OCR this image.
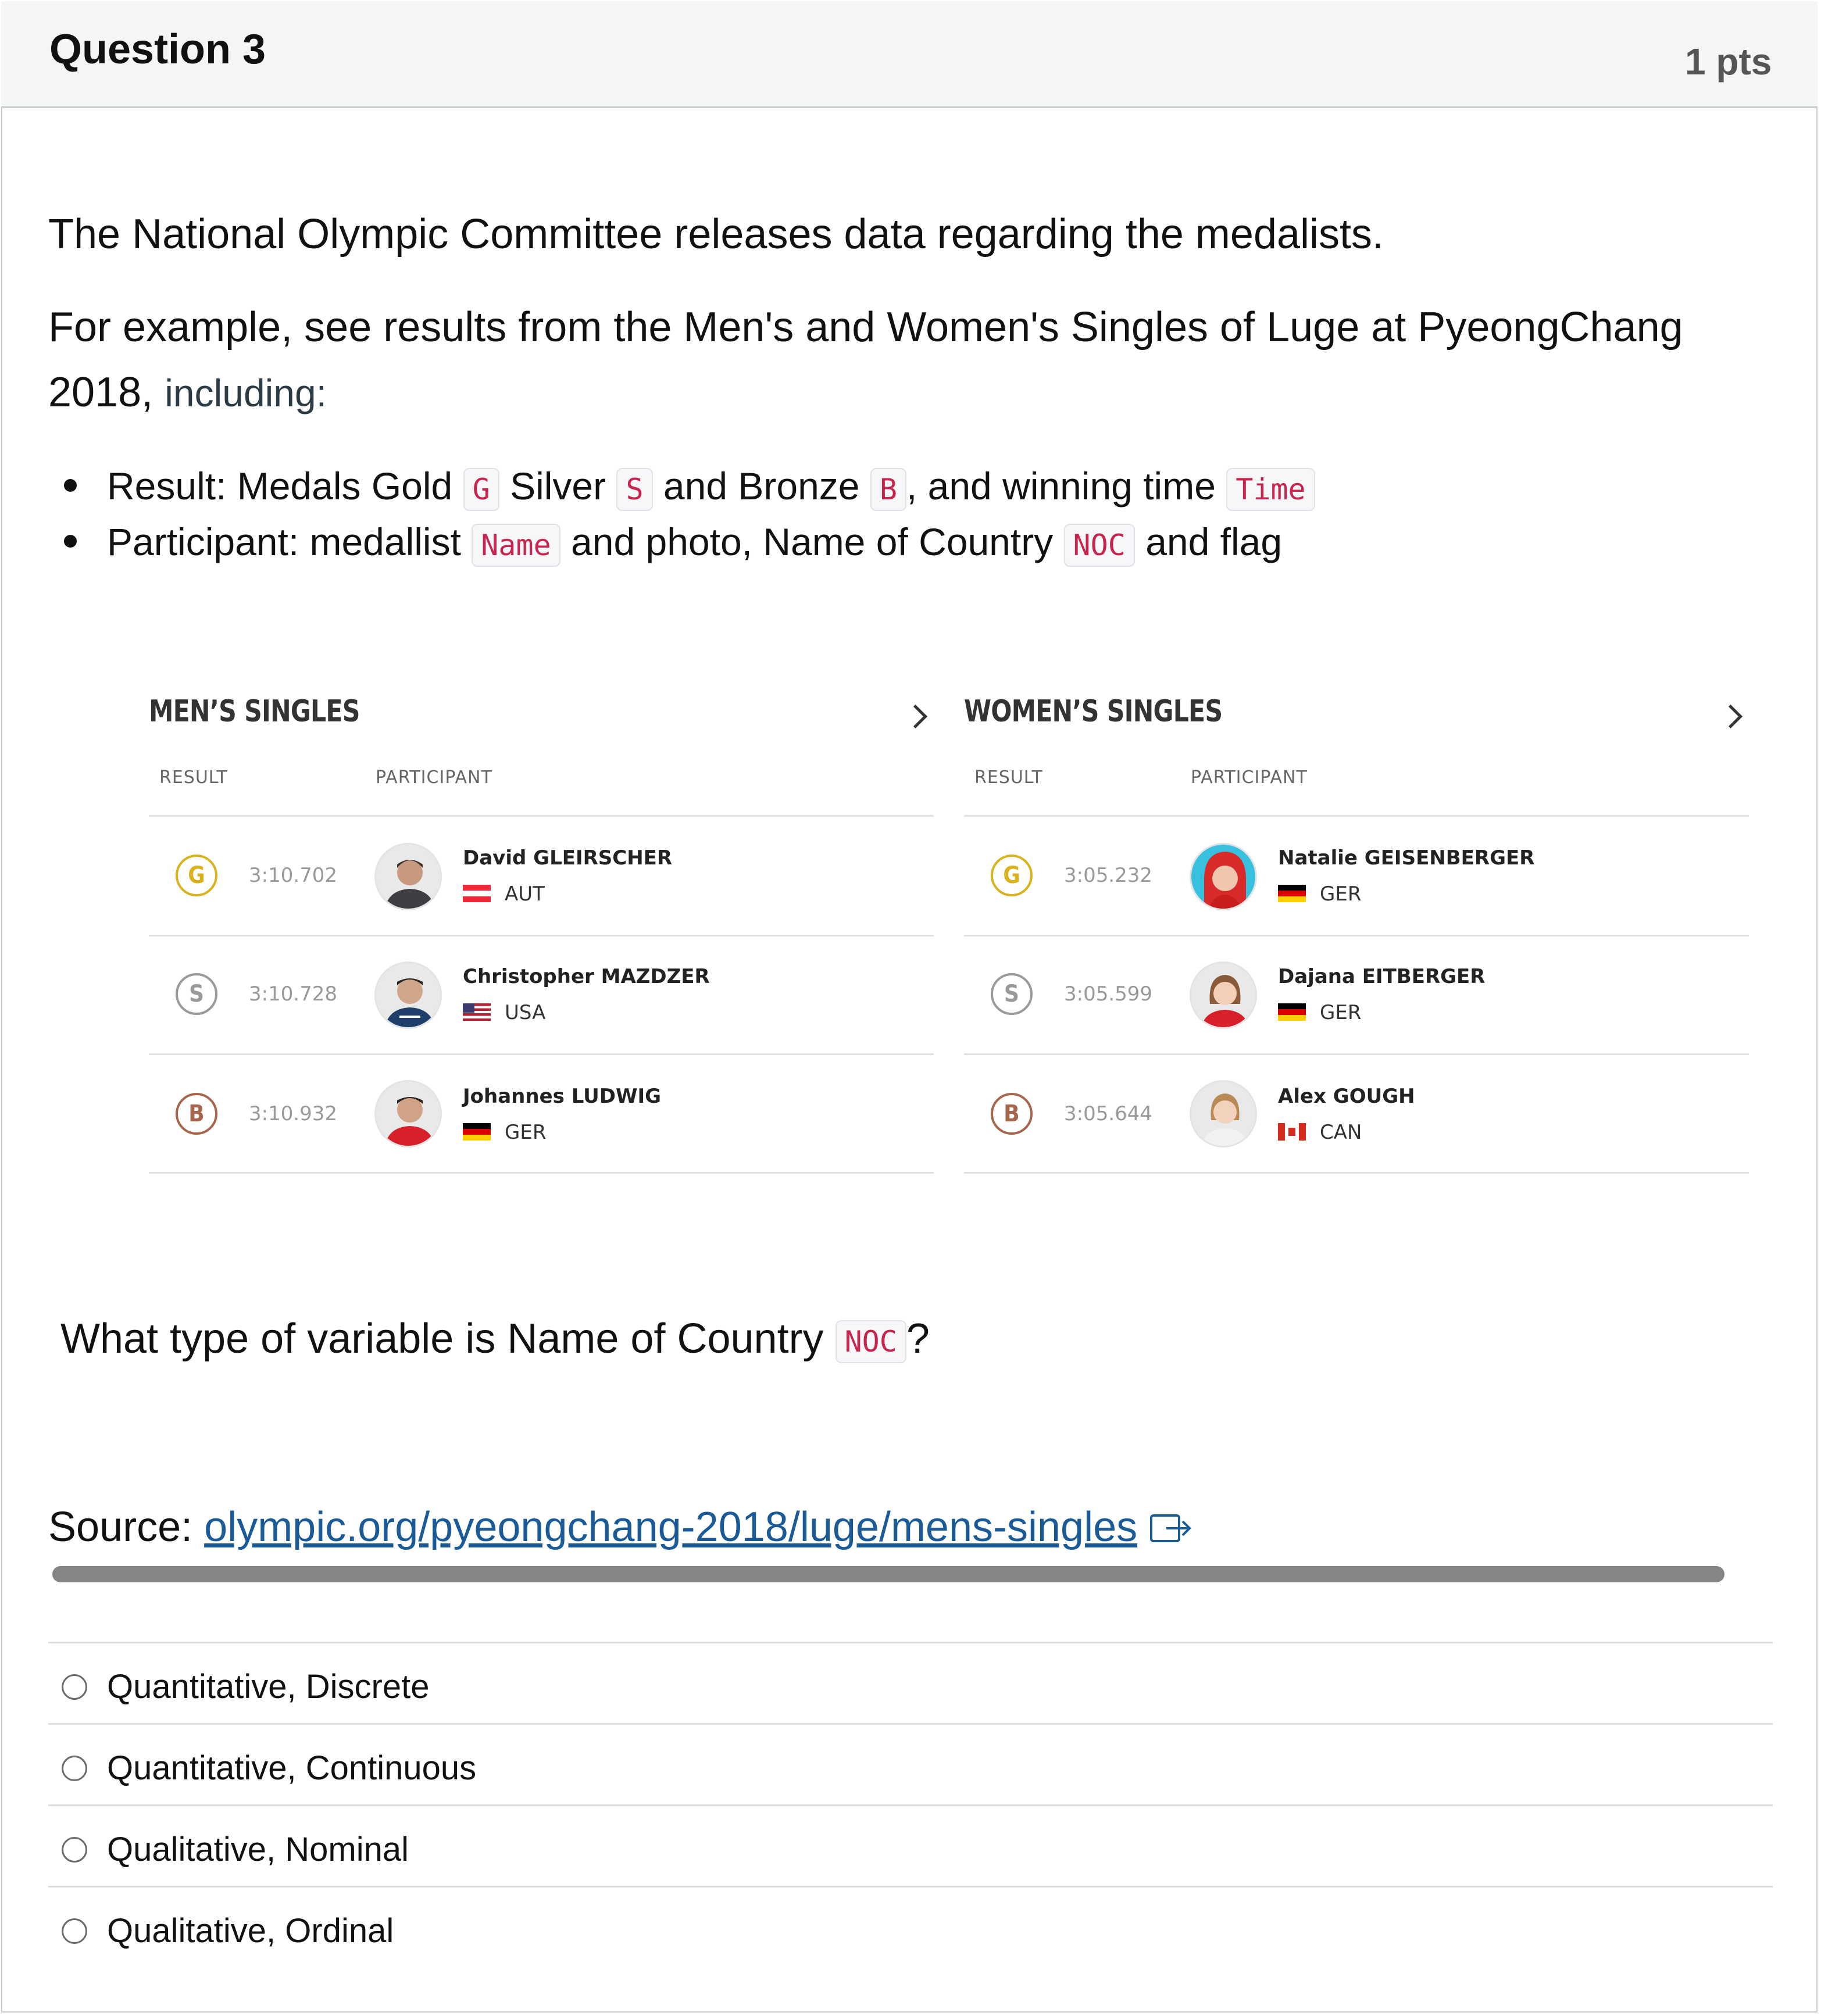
Question 3	1 pts
The National Olympic Committee releases data regarding the medalists.
For example, see results from the Men's and Women's Singles of Luge at PyeongChang
2018, including:
Result: Medals Gold G Silver S and Bronze B , and winning time Time
Participant: medallist Name and photo, Name of Country NOC and flag
MEN’S SINGLES
RESULT	PARTICIPANT
G	3:10.702
David GLEIRSCHER
AUT
S	3:10.728
Christopher MAZDZER
USA
B	3:10.932
Johannes LUDWIG
GER
WOMEN’S SINGLES
RESULT	PARTICIPANT
G	3:05.232
Natalie GEISENBERGER
GER
S	3:05.599
Dajana EITBERGER
GER
B	3:05.644
Alex GOUGH
CAN
What type of variable is Name of Country NOC ?
Source: olympic.org/pyeongchang-2018/luge/mens-singles
Quantitative, Discrete
Quantitative, Continuous
Qualitative, Nominal
Qualitative, Ordinal
